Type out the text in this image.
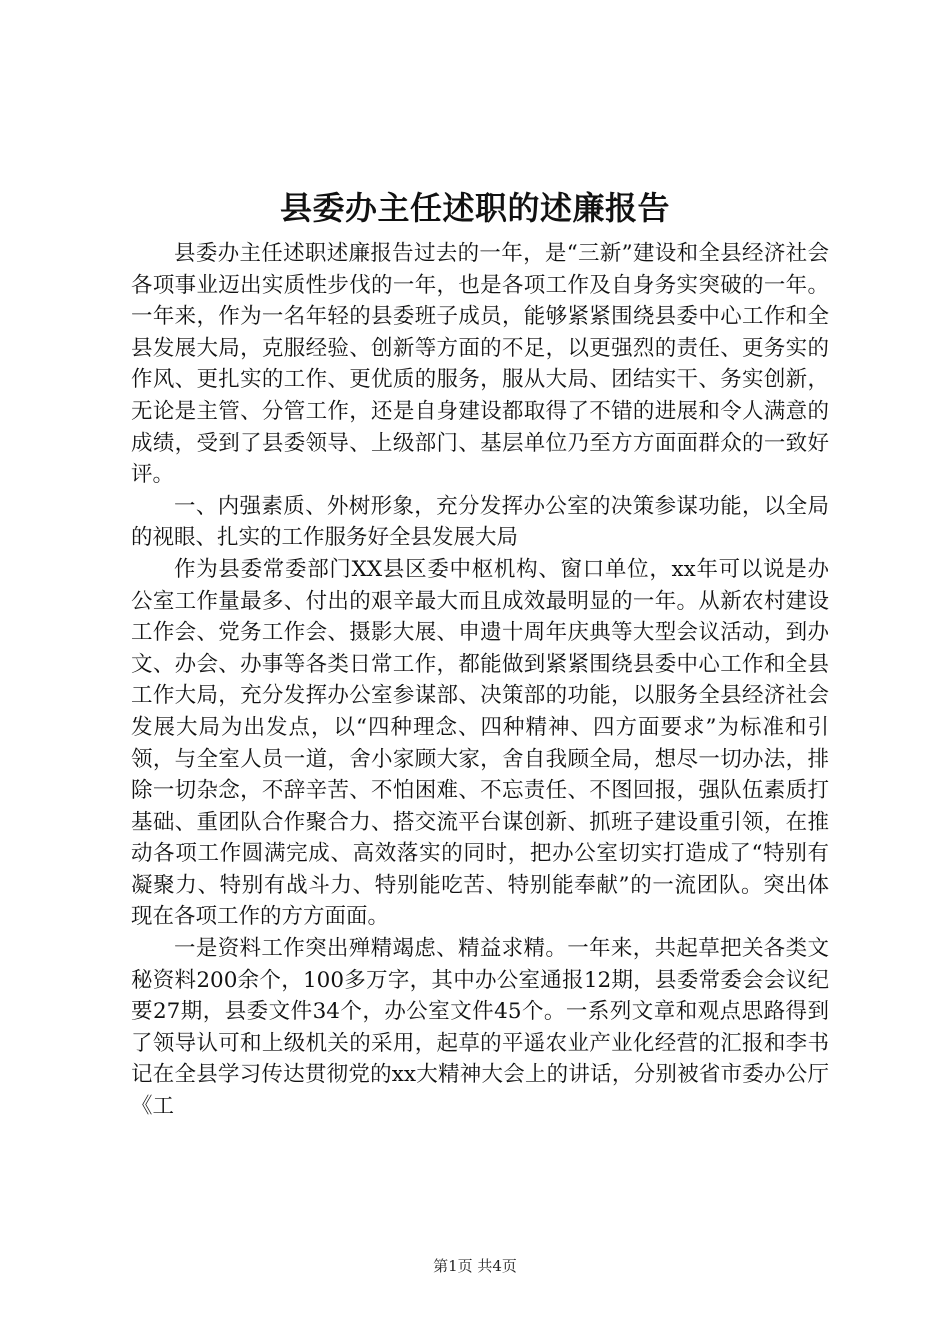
县委办主任述职的述廉报告

县委办主任述职述廉报告过去的一年，是“三新”建设和全县经济社会各项事业迈出实质性步伐的一年，也是各项工作及自身务实突破的一年。一年来，作为一名年轻的县委班子成员，能够紧紧围绕县委中心工作和全县发展大局，克服经验、创新等方面的不足，以更强烈的责任、更务实的作风、更扎实的工作、更优质的服务，服从大局、团结实干、务实创新，无论是主管、分管工作，还是自身建设都取得了不错的进展和令人满意的成绩，受到了县委领导、上级部门、基层单位乃至方方面面群众的一致好评。

一、内强素质、外树形象，充分发挥办公室的决策参谋功能，以全局的视眼、扎实的工作服务好全县发展大局

作为县委常委部门XX县区委中枢机构、窗口单位，xx年可以说是办公室工作量最多、付出的艰辛最大而且成效最明显的一年。从新农村建设工作会、党务工作会、摄影大展、申遗十周年庆典等大型会议活动，到办文、办会、办事等各类日常工作，都能做到紧紧围绕县委中心工作和全县工作大局，充分发挥办公室参谋部、决策部的功能，以服务全县经济社会发展大局为出发点，以“四种理念、四种精神、四方面要求”为标准和引领，与全室人员一道，舍小家顾大家，舍自我顾全局，想尽一切办法，排除一切杂念，不辞辛苦、不怕困难、不忘责任、不图回报，强队伍素质打基础、重团队合作聚合力、搭交流平台谋创新、抓班子建设重引领，在推动各项工作圆满完成、高效落实的同时，把办公室切实打造成了“特别有凝聚力、特别有战斗力、特别能吃苦、特别能奉献”的一流团队。突出体现在各项工作的方方面面。

一是资料工作突出殚精竭虑、精益求精。一年来，共起草把关各类文秘资料200余个，100多万字，其中办公室通报12期，县委常委会会议纪要27期，县委文件34个，办公室文件45个。一系列文章和观点思路得到了领导认可和上级机关的采用，起草的平遥农业产业化经营的汇报和李书记在全县学习传达贯彻党的xx大精神大会上的讲话，分别被省市委办公厅《工

第1页 共4页
